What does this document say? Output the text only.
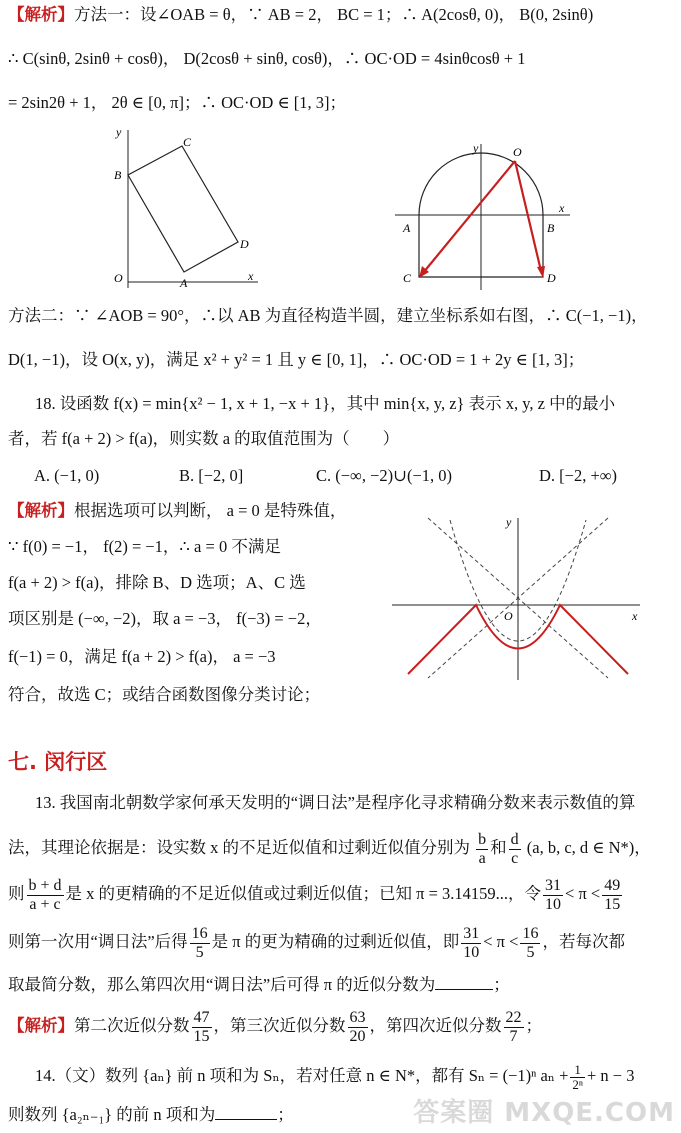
【解析】方法一：设∠OAB = θ，∵ AB = 2， BC = 1；∴ A(2cosθ, 0)， B(0, 2sinθ)
∴ C(sinθ, 2sinθ + cosθ)， D(2cosθ + sinθ, cosθ)，∴ OC·OD = 4sinθcosθ + 1
= 2sin2θ + 1， 2θ ∈ [0, π]；∴ OC·OD ∈ [1, 3]；
y
x
O	A
B
C
D
y
x
O
A	B
C	D
方法二：∵ ∠AOB = 90°，∴以 AB 为直径构造半圆，建立坐标系如右图，∴ C(−1, −1)，
D(1, −1)，设 O(x, y)，满足 x² + y² = 1 且 y ∈ [0, 1]，∴ OC·OD = 1 + 2y ∈ [1, 3]；
18. 设函数 f(x) = min{x² − 1, x + 1, −x + 1}，其中 min{x, y, z} 表示 x, y, z 中的最小
者，若 f(a + 2) > f(a)，则实数 a 的取值范围为（　　）
A. (−1, 0)	B. [−2, 0]	C. (−∞, −2)∪(−1, 0)	D. [−2, +∞)
【解析】根据选项可以判断， a = 0 是特殊值，
∵ f(0) = −1， f(2) = −1，∴ a = 0 不满足
f(a + 2) > f(a)，排除 B、D 选项；A、C 选
项区别是 (−∞, −2)，取 a = −3， f(−3) = −2，
f(−1) = 0，满足 f(a + 2) > f(a)， a = −3
符合，故选 C；或结合函数图像分类讨论；
y
x
O
七. 闵行区
13. 我国南北朝数学家何承天发明的“调日法”是程序化寻求精确分数来表示数值的算
法，其理论依据是：设实数 x 的不足近似值和过剩近似值分别为 $\frac{b}{a}$ 和 $\frac{d}{c} (a$, b, c, d ∈ N*)，
则 $\frac{b + d}{a + c}$ 是 x 的更精确的不足近似值或过剩近似值；已知 π = 3.14159...，令 $\frac{31}{10} < \pi < \frac{49}{15}$
则第一次用“调日法”后得 $\frac{16}{5}$ 是 π 的更为精确的过剩近似值，即 $\frac{31}{10} < \pi < \frac{16}{5}$ ，若每次都
取最简分数，那么第四次用“调日法”后可得 π 的近似分数为	；
【解析】第二次近似分数 $\frac{47}{15}$ ，第三次近似分数 $\frac{63}{20}$ ，第四次近似分数 $\frac{22}{7}$ ；
14.（文）数列 {aₙ} 前 n 项和为 Sₙ，若对任意 n ∈ N*，都有 Sₙ = (−1)ⁿ $a_n + \frac{1}{\text{2ⁿ}} + n - 3$
则数列 {a₂ₙ₋₁} 的前 n 项和为	；	答案圈 MXQE.COM
